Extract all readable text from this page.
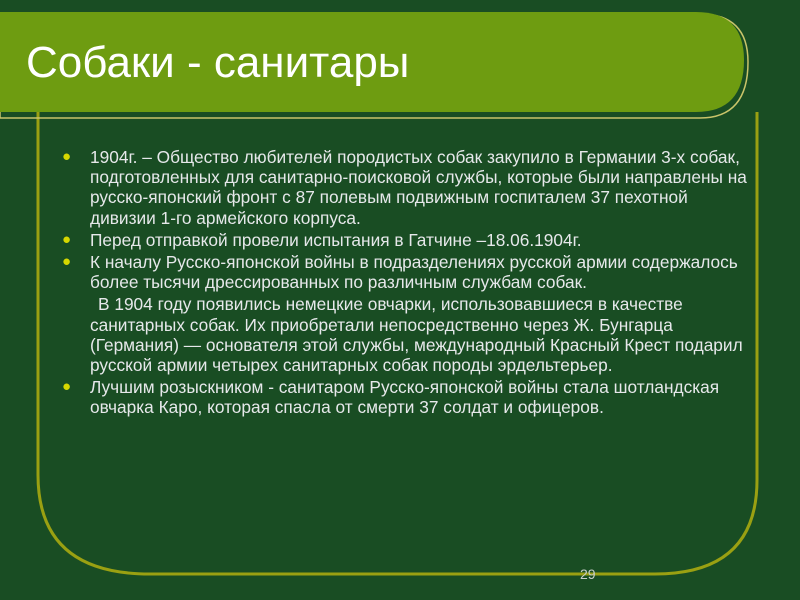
Собаки - санитары
● 1904г. – Общество любителей породистых собак закупило в Германии 3-х собак, подготовленных для санитарно-поисковой службы, которые были направлены на русско-японский фронт с 87 полевым подвижным госпиталем 37 пехотной дивизии 1-го армейского корпуса.
● Перед отправкой провели испытания в Гатчине –18.06.1904г.
● К началу Русско-японской войны в подразделениях русской армии содержалось более тысячи дрессированных по различным службам собак.
В 1904 году появились немецкие овчарки, использовавшиеся в качестве санитарных собак. Их приобретали непосредственно через Ж. Бунгарца (Германия) — основателя этой службы, международный Красный Крест подарил русской армии четырех санитарных собак породы эрдельтерьер.
● Лучшим розыскником - санитаром Русско-японской войны стала шотландская овчарка Каро, которая спасла от смерти 37 солдат и офицеров.
29
